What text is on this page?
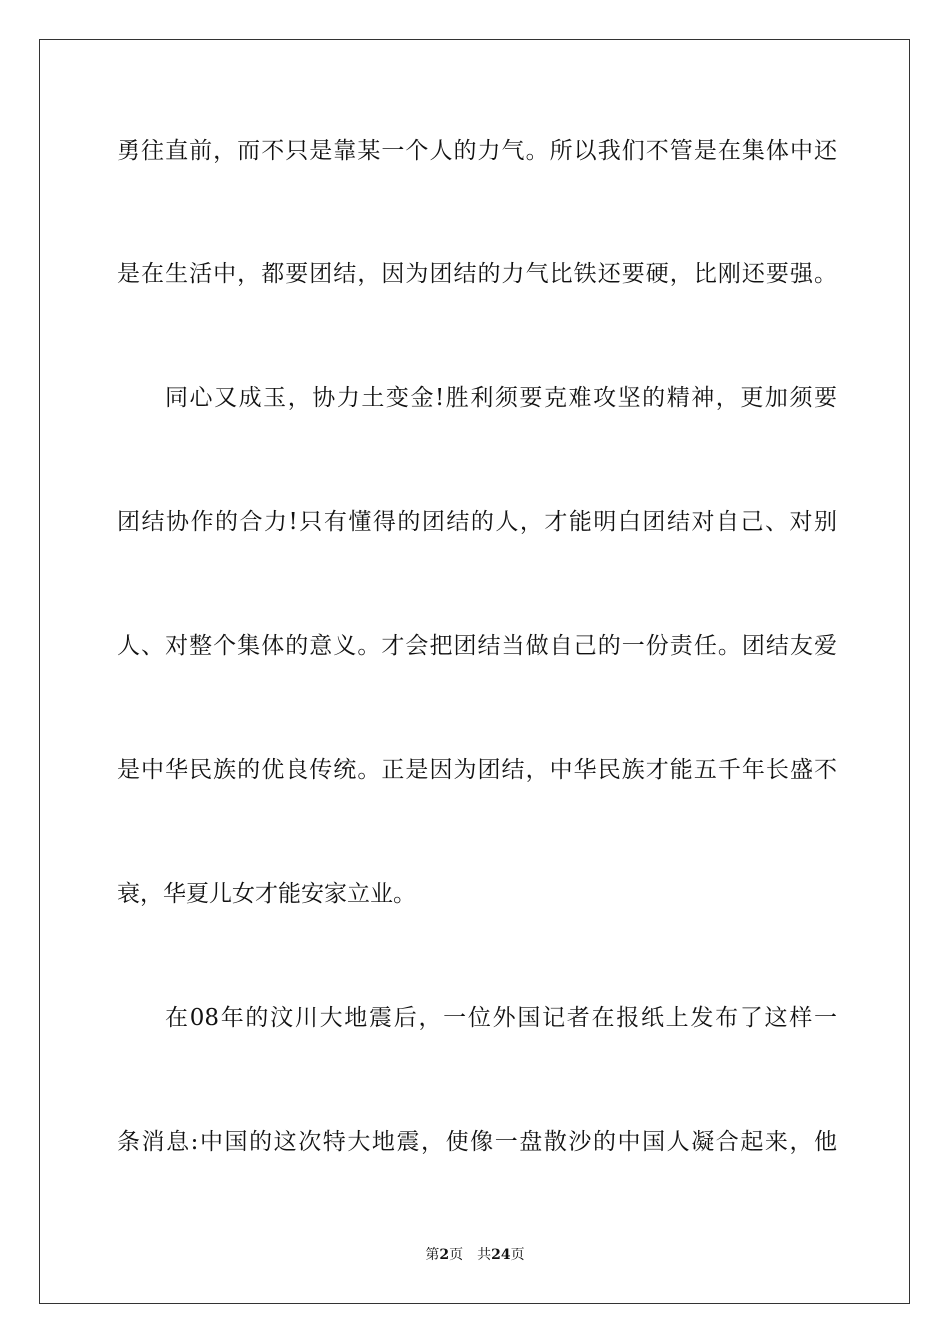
勇往直前，而不只是靠某一个人的力气。所以我们不管是在集体中还
是在生活中，都要团结，因为团结的力气比铁还要硬，比刚还要强。
同心又成玉，协力土变金!胜利须要克难攻坚的精神，更加须要
团结协作的合力!只有懂得的团结的人，才能明白团结对自己、对别
人、对整个集体的意义。才会把团结当做自己的一份责任。团结友爱
是中华民族的优良传统。正是因为团结，中华民族才能五千年长盛不
衰，华夏儿女才能安家立业。
在08年的汶川大地震后，一位外国记者在报纸上发布了这样一
条消息:中国的这次特大地震，使像一盘散沙的中国人凝合起来，他
第2页 共24页
